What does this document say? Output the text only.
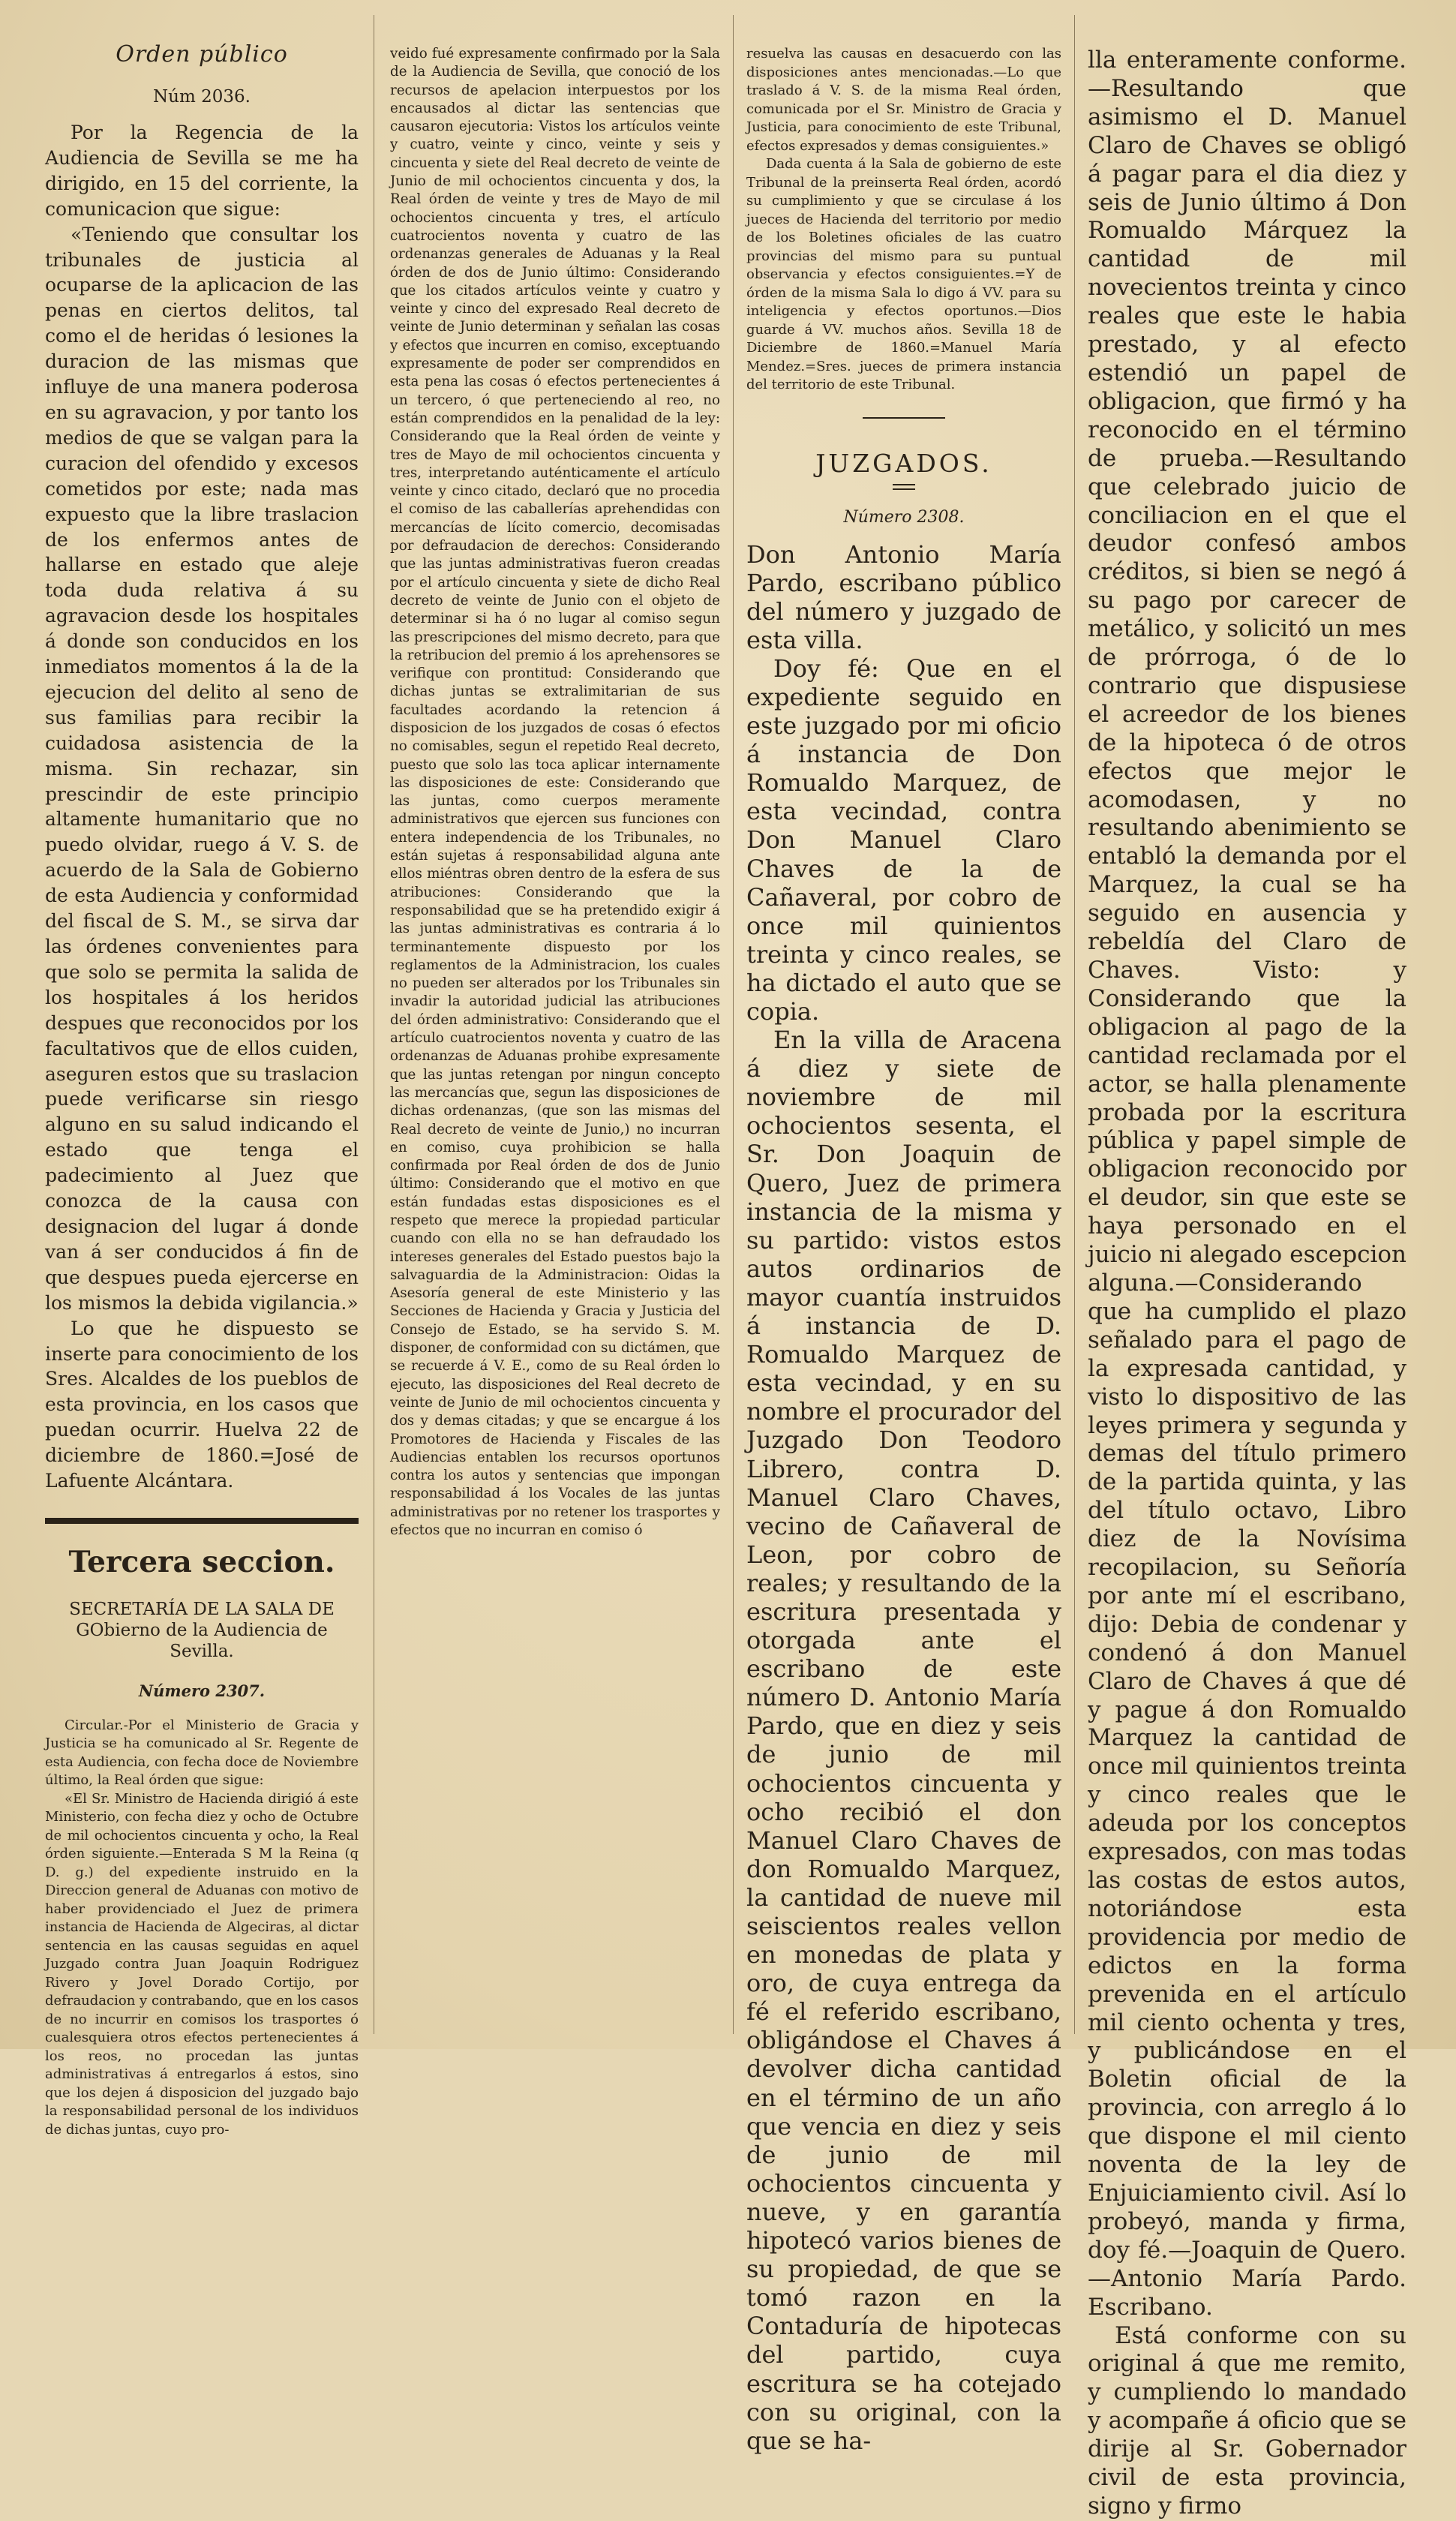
Orden público
Núm 2036.

Por la Regencia de la Audiencia de Sevilla se me ha dirigido, en 15 del corriente, la comunicacion que sigue:

«Teniendo que consultar los tribunales de justicia al ocuparse de la aplicacion de las penas en ciertos delitos, tal como el de heridas ó lesiones la duracion de las mismas que influye de una manera poderosa en su agravacion, y por tanto los medios de que se valgan para la curacion del ofendido y excesos cometidos por este; nada mas expuesto que la libre traslacion de los enfermos antes de hallarse en estado que aleje toda duda relativa á su agravacion desde los hospitales á donde son conducidos en los inmediatos momentos á la de la ejecucion del delito al seno de sus familias para recibir la cuidadosa asistencia de la misma. Sin rechazar, sin prescindir de este principio altamente humanitario que no puedo olvidar, ruego á V. S. de acuerdo de la Sala de Gobierno de esta Audiencia y conformidad del fiscal de S. M., se sirva dar las órdenes convenientes para que solo se permita la salida de los hospitales á los heridos despues que reconocidos por los facultativos que de ellos cuiden, aseguren estos que su traslacion puede verificarse sin riesgo alguno en su salud indicando el estado que tenga el padecimiento al Juez que conozca de la causa con designacion del lugar á donde van á ser conducidos á fin de que despues pueda ejercerse en los mismos la debida vigilancia.»

Lo que he dispuesto se inserte para conocimiento de los Sres. Alcaldes de los pueblos de esta provincia, en los casos que puedan ocurrir. Huelva 22 de diciembre de 1860.=José de Lafuente Alcántara.

Tercera seccion.
SECRETARÍA DE LA SALA DE GObierno de la Audiencia de Sevilla.
Número 2307.

Circular.-Por el Ministerio de Gracia y Justicia se ha comunicado al Sr. Regente de esta Audiencia, con fecha doce de Noviembre último, la Real órden que sigue:

«El Sr. Ministro de Hacienda dirigió á este Ministerio, con fecha diez y ocho de Octubre de mil ochocientos cincuenta y ocho, la Real órden siguiente.—Enterada S M la Reina (q D. g.) del expediente instruido en la Direccion general de Aduanas con motivo de haber providenciado el Juez de primera instancia de Hacienda de Algeciras, al dictar sentencia en las causas seguidas en aquel Juzgado contra Juan Joaquin Rodriguez Rivero y Jovel Dorado Cortijo, por defraudacion y contrabando, que en los casos de no incurrir en comisos los trasportes ó cualesquiera otros efectos pertenecientes á los reos, no procedan las juntas administrativas á entregarlos á estos, sino que los dejen á disposicion del juzgado bajo la responsabilidad personal de los individuos de dichas juntas, cuyo pro-

veido fué expresamente confirmado por la Sala de la Audiencia de Sevilla, que conoció de los recursos de apelacion interpuestos por los encausados al dictar las sentencias que causaron ejecutoria: Vistos los artículos veinte y cuatro, veinte y cinco, veinte y seis y cincuenta y siete del Real decreto de veinte de Junio de mil ochocientos cincuenta y dos, la Real órden de veinte y tres de Mayo de mil ochocientos cincuenta y tres, el artículo cuatrocientos noventa y cuatro de las ordenanzas generales de Aduanas y la Real órden de dos de Junio último: Considerando que los citados artículos veinte y cuatro y veinte y cinco del expresado Real decreto de veinte de Junio determinan y señalan las cosas y efectos que incurren en comiso, exceptuando expresamente de poder ser comprendidos en esta pena las cosas ó efectos pertenecientes á un tercero, ó que perteneciendo al reo, no están comprendidos en la penalidad de la ley: Considerando que la Real órden de veinte y tres de Mayo de mil ochocientos cincuenta y tres, interpretando auténticamente el artículo veinte y cinco citado, declaró que no procedia el comiso de las caballerías aprehendidas con mercancías de lícito comercio, decomisadas por defraudacion de derechos: Considerando que las juntas administrativas fueron creadas por el artículo cincuenta y siete de dicho Real decreto de veinte de Junio con el objeto de determinar si ha ó no lugar al comiso segun las prescripciones del mismo decreto, para que la retribucion del premio á los aprehensores se verifique con prontitud: Considerando que dichas juntas se extralimitarian de sus facultades acordando la retencion á disposicion de los juzgados de cosas ó efectos no comisables, segun el repetido Real decreto, puesto que solo las toca aplicar internamente las disposiciones de este: Considerando que las juntas, como cuerpos meramente administrativos que ejercen sus funciones con entera independencia de los Tribunales, no están sujetas á responsabilidad alguna ante ellos miéntras obren dentro de la esfera de sus atribuciones: Considerando que la responsabilidad que se ha pretendido exigir á las juntas administrativas es contraria á lo terminantemente dispuesto por los reglamentos de la Administracion, los cuales no pueden ser alterados por los Tribunales sin invadir la autoridad judicial las atribuciones del órden administrativo: Considerando que el artículo cuatrocientos noventa y cuatro de las ordenanzas de Aduanas prohibe expresamente que las juntas retengan por ningun concepto las mercancías que, segun las disposiciones de dichas ordenanzas, (que son las mismas del Real decreto de veinte de Junio,) no incurran en comiso, cuya prohibicion se halla confirmada por Real órden de dos de Junio último: Considerando que el motivo en que están fundadas estas disposiciones es el respeto que merece la propiedad particular cuando con ella no se han defraudado los intereses generales del Estado puestos bajo la salvaguardia de la Administracion: Oidas la Asesoría general de este Ministerio y las Secciones de Hacienda y Gracia y Justicia del Consejo de Estado, se ha servido S. M. disponer, de conformidad con su dictámen, que se recuerde á V. E., como de su Real órden lo ejecuto, las disposiciones del Real decreto de veinte de Junio de mil ochocientos cincuenta y dos y demas citadas; y que se encargue á los Promotores de Hacienda y Fiscales de las Audiencias entablen los recursos oportunos contra los autos y sentencias que impongan responsabilidad á los Vocales de las juntas administrativas por no retener los trasportes y efectos que no incurran en comiso ó

resuelva las causas en desacuerdo con las disposiciones antes mencionadas.—Lo que traslado á V. S. de la misma Real órden, comunicada por el Sr. Ministro de Gracia y Justicia, para conocimiento de este Tribunal, efectos expresados y demas consiguientes.»

Dada cuenta á la Sala de gobierno de este Tribunal de la preinserta Real órden, acordó su cumplimiento y que se circulase á los jueces de Hacienda del territorio por medio de los Boletines oficiales de las cuatro provincias del mismo para su puntual observancia y efectos consiguientes.=Y de órden de la misma Sala lo digo á VV. para su inteligencia y efectos oportunos.—Dios guarde á VV. muchos años. Sevilla 18 de Diciembre de 1860.=Manuel María Mendez.=Sres. jueces de primera instancia del territorio de este Tribunal.

JUZGADOS.
Número 2308.

Don Antonio María Pardo, escribano público del número y juzgado de esta villa.

Doy fé: Que en el expediente seguido en este juzgado por mi oficio á instancia de Don Romualdo Marquez, de esta vecindad, contra Don Manuel Claro Chaves de la de Cañaveral, por cobro de once mil quinientos treinta y cinco reales, se ha dictado el auto que se copia.

En la villa de Aracena á diez y siete de noviembre de mil ochocientos sesenta, el Sr. Don Joaquin de Quero, Juez de primera instancia de la misma y su partido: vistos estos autos ordinarios de mayor cuantía instruidos á instancia de D. Romualdo Marquez de esta vecindad, y en su nombre el procurador del Juzgado Don Teodoro Librero, contra D. Manuel Claro Chaves, vecino de Cañaveral de Leon, por cobro de reales; y resultando de la escritura presentada y otorgada ante el escribano de este número D. Antonio María Pardo, que en diez y seis de junio de mil ochocientos cincuenta y ocho recibió el don Manuel Claro Chaves de don Romualdo Marquez, la cantidad de nueve mil seiscientos reales vellon en monedas de plata y oro, de cuya entrega da fé el referido escribano, obligándose el Chaves á devolver dicha cantidad en el término de un año que vencia en diez y seis de junio de mil ochocientos cincuenta y nueve, y en garantía hipotecó varios bienes de su propiedad, de que se tomó razon en la Contaduría de hipotecas del partido, cuya escritura se ha cotejado con su original, con la que se ha-

lla enteramente conforme.—Resultando que asimismo el D. Manuel Claro de Chaves se obligó á pagar para el dia diez y seis de Junio último á Don Romualdo Márquez la cantidad de mil novecientos treinta y cinco reales que este le habia prestado, y al efecto estendió un papel de obligacion, que firmó y ha reconocido en el término de prueba.—Resultando que celebrado juicio de conciliacion en el que el deudor confesó ambos créditos, si bien se negó á su pago por carecer de metálico, y solicitó un mes de prórroga, ó de lo contrario que dispusiese el acreedor de los bienes de la hipoteca ó de otros efectos que mejor le acomodasen, y no resultando abenimiento se entabló la demanda por el Marquez, la cual se ha seguido en ausencia y rebeldía del Claro de Chaves. Visto: y Considerando que la obligacion al pago de la cantidad reclamada por el actor, se halla plenamente probada por la escritura pública y papel simple de obligacion reconocido por el deudor, sin que este se haya personado en el juicio ni alegado escepcion alguna.—Considerando que ha cumplido el plazo señalado para el pago de la expresada cantidad, y visto lo dispositivo de las leyes primera y segunda y demas del título primero de la partida quinta, y las del título octavo, Libro diez de la Novísima recopilacion, su Señoría por ante mí el escribano, dijo: Debia de condenar y condenó á don Manuel Claro de Chaves á que dé y pague á don Romualdo Marquez la cantidad de once mil quinientos treinta y cinco reales que le adeuda por los conceptos expresados, con mas todas las costas de estos autos, notoriándose esta providencia por medio de edictos en la forma prevenida en el artículo mil ciento ochenta y tres, y publicándose en el Boletin oficial de la provincia, con arreglo á lo que dispone el mil ciento noventa de la ley de Enjuiciamiento civil. Así lo probeyó, manda y firma, doy fé.—Joaquin de Quero. —Antonio María Pardo. Escribano.

Está conforme con su original á que me remito, y cumpliendo lo mandado y acompañe á oficio que se dirije al Sr. Gobernador civil de esta provincia, signo y firmo
